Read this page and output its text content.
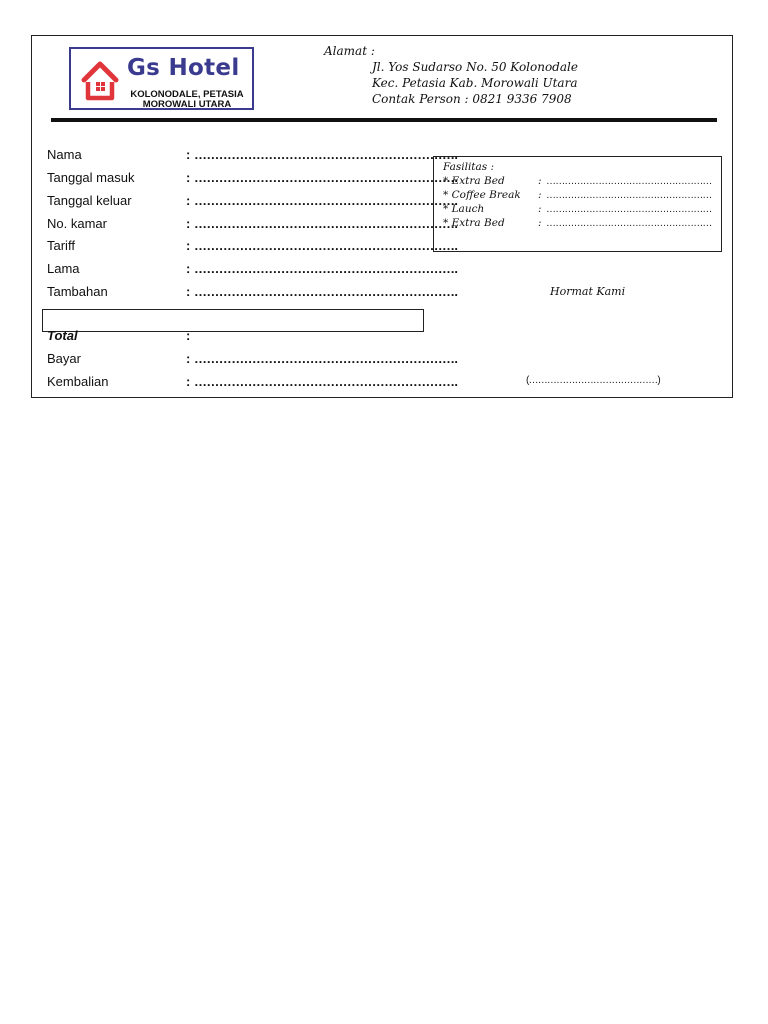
Gs Hotel
KOLONODALE, PETASIA
MOROWALI UTARA
Alamat :
Jl. Yos Sudarso No. 50 Kolonodale
Kec. Petasia Kab. Morowali Utara
Contak Person : 0821 9336 7908
Nama	: ……………………………………………………….
Tanggal masuk	: ……………………………………………………….
Tanggal keluar	: ……………………………………………………….
No. kamar	: ……………………………………………………….
Tariff	: ……………………………………………………….
Lama	: ……………………………………………………….
Tambahan	: ……………………………………………………….
Total	:
Bayar	: ……………………………………………………….
Kembalian	: ……………………………………………………….
Fasilitas :
* Extra Bed	: ………………………………………………
* Coffee Break : ………………………………………………
* Lauch	: ………………………………………………
* Extra Bed	: ………………………………………………
Hormat Kami
(……………………………………)
